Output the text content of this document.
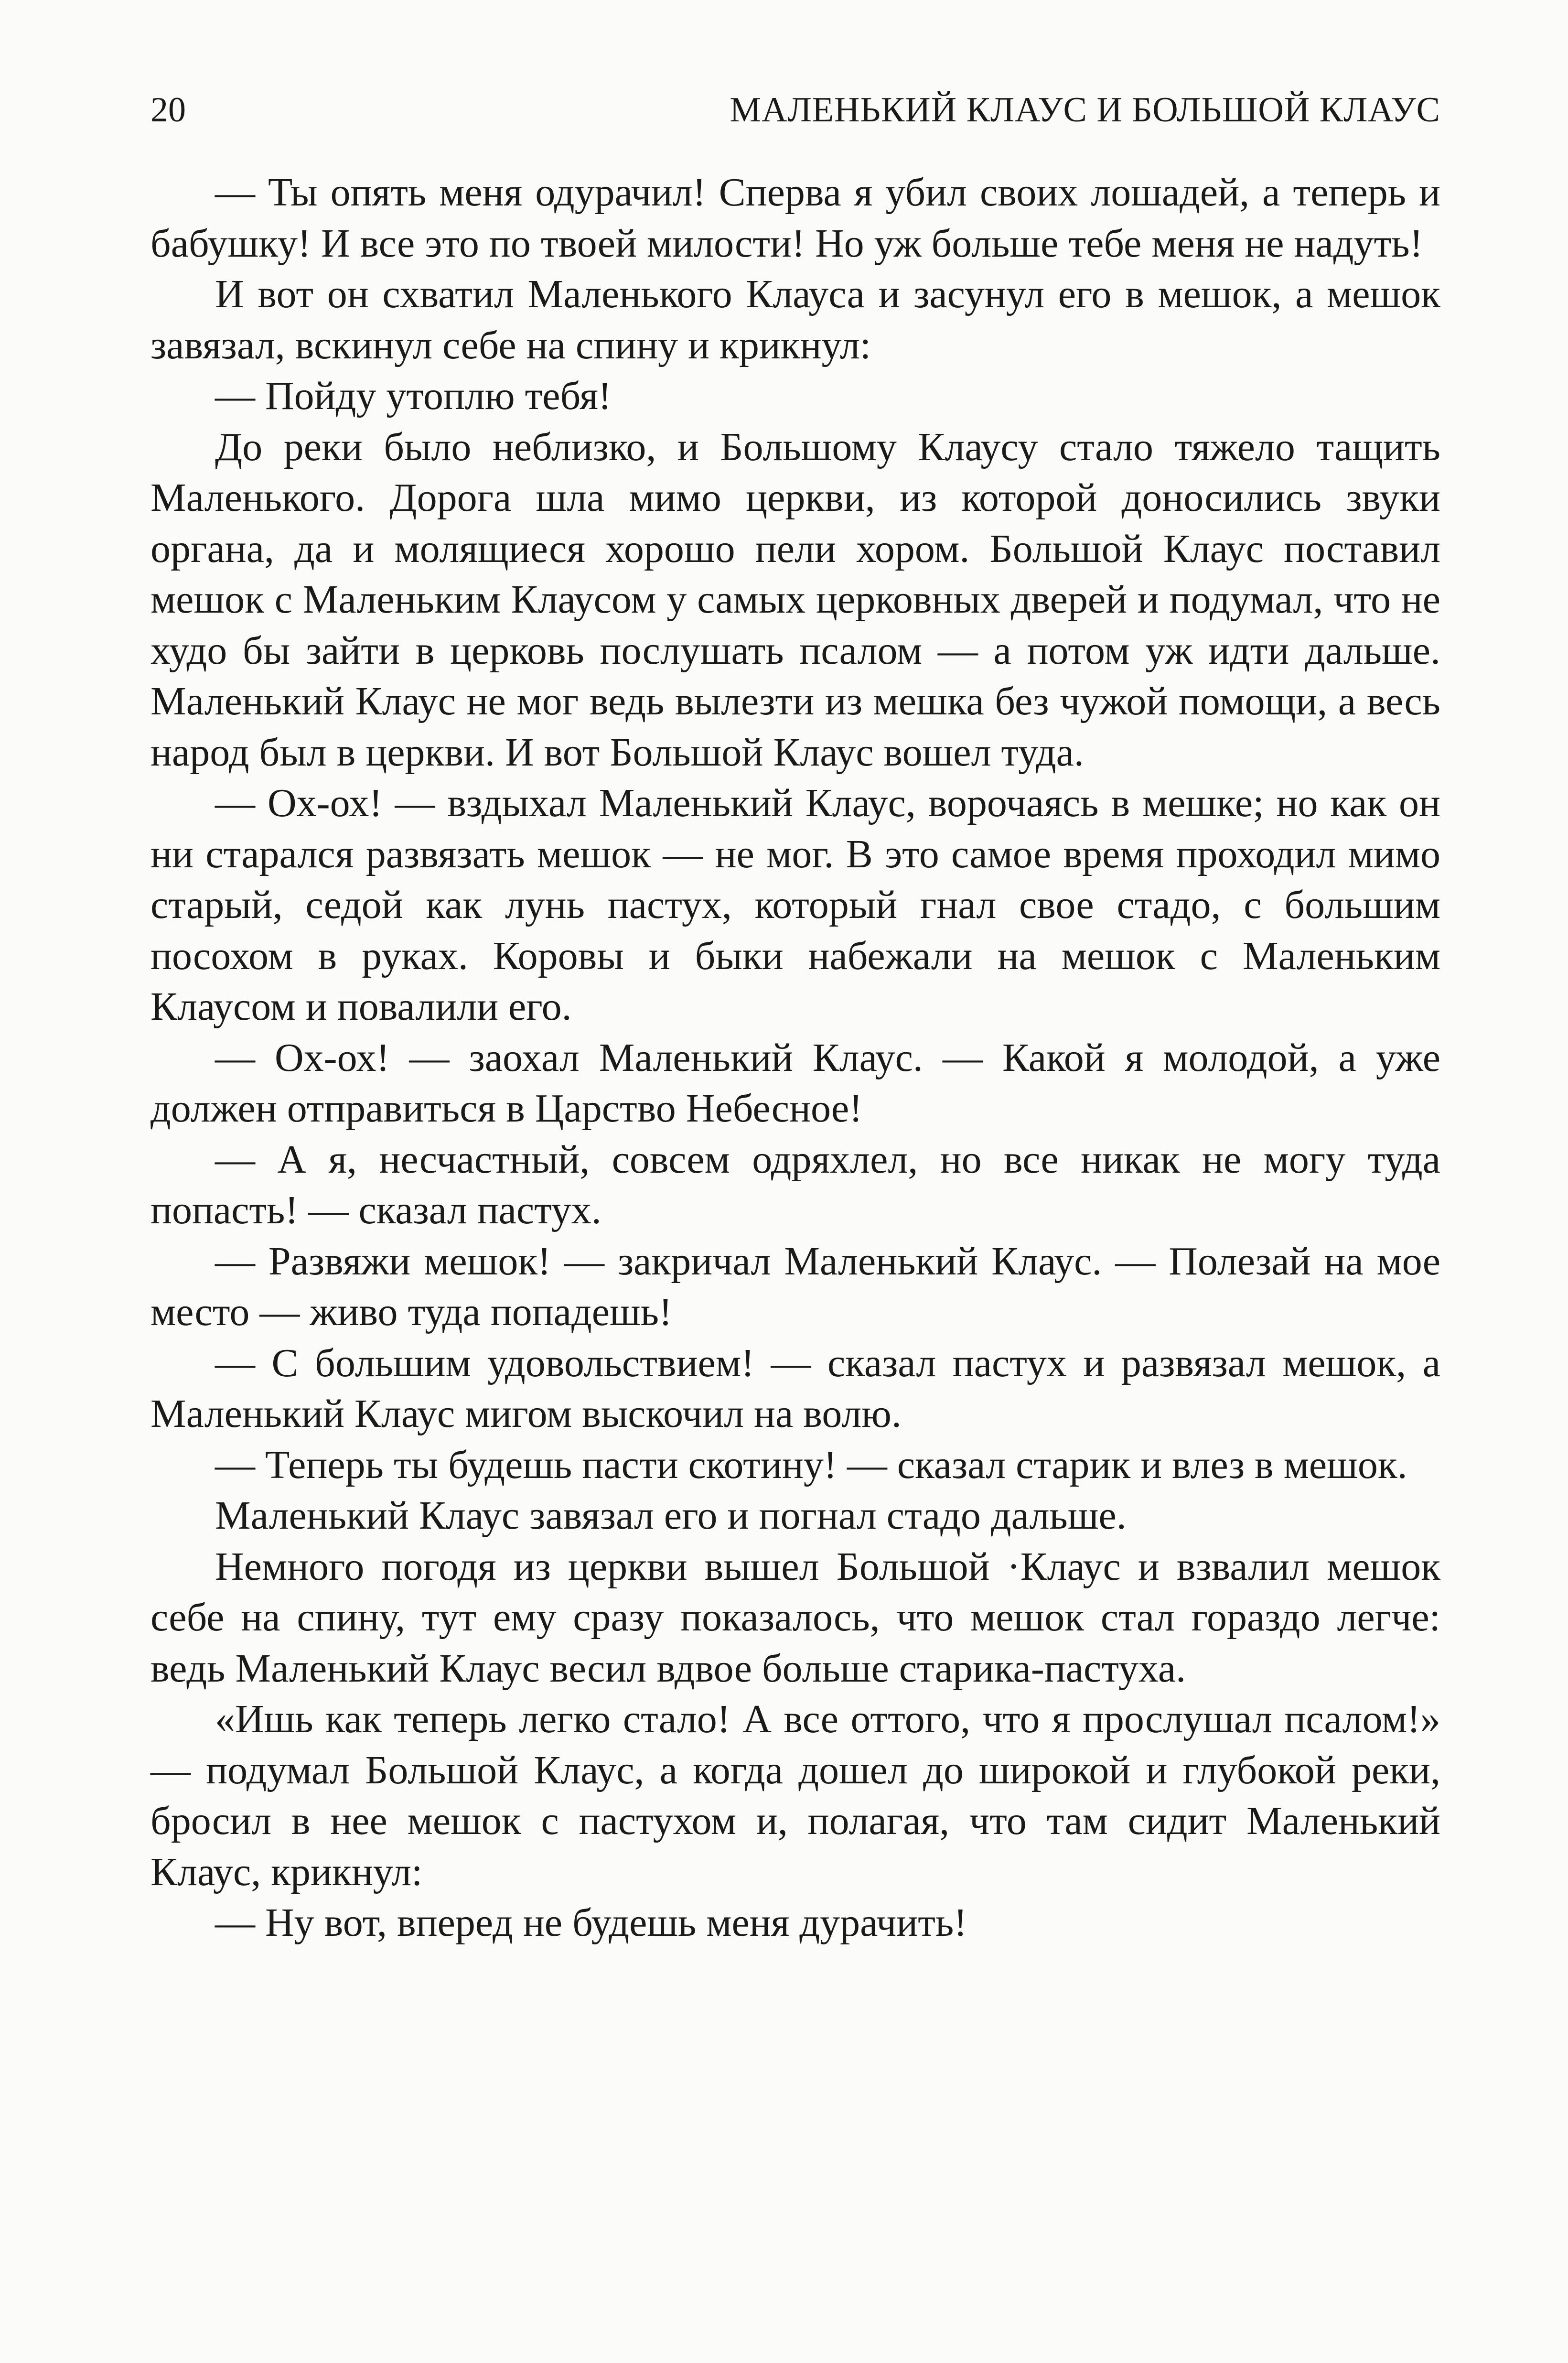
20	МАЛЕНЬКИЙ КЛАУС И БОЛЬШОЙ КЛАУС

— Ты опять меня одурачил! Сперва я убил своих лошадей, а теперь и бабушку! И все это по твоей милости! Но уж больше тебе меня не надуть!

И вот он схватил Маленького Клауса и засунул его в мешок, а мешок завязал, вскинул себе на спину и крикнул:

— Пойду утоплю тебя!

До реки было неблизко, и Большому Клаусу стало тяжело тащить Маленького. Дорога шла мимо церкви, из которой доносились звуки органа, да и молящиеся хорошо пели хором. Большой Клаус поставил мешок с Маленьким Клаусом у самых церковных дверей и подумал, что не худо бы зайти в церковь послушать псалом — а потом уж идти дальше. Маленький Клаус не мог ведь вылезти из мешка без чужой помощи, а весь народ был в церкви. И вот Большой Клаус вошел туда.

— Ох-ох! — вздыхал Маленький Клаус, ворочаясь в мешке; но как он ни старался развязать мешок — не мог. В это самое время проходил мимо старый, седой как лунь пастух, который гнал свое стадо, с большим посохом в руках. Коровы и быки набежали на мешок с Маленьким Клаусом и повалили его.

— Ох-ох! — заохал Маленький Клаус. — Какой я молодой, а уже должен отправиться в Царство Небесное!

— А я, несчастный, совсем одряхлел, но все никак не могу туда попасть! — сказал пастух.

— Развяжи мешок! — закричал Маленький Клаус. — Полезай на мое место — живо туда попадешь!

— С большим удовольствием! — сказал пастух и развязал мешок, а Маленький Клаус мигом выскочил на волю.

— Теперь ты будешь пасти скотину! — сказал старик и влез в мешок.

Маленький Клаус завязал его и погнал стадо дальше.

Немного погодя из церкви вышел Большой ·Клаус и взвалил мешок себе на спину, тут ему сразу показалось, что мешок стал гораздо легче: ведь Маленький Клаус весил вдвое больше старика-пастуха.

«Ишь как теперь легко стало! А все оттого, что я прослушал псалом!» — подумал Большой Клаус, а когда дошел до широкой и глубокой реки, бросил в нее мешок с пастухом и, полагая, что там сидит Маленький Клаус, крикнул:

— Ну вот, вперед не будешь меня дурачить!
